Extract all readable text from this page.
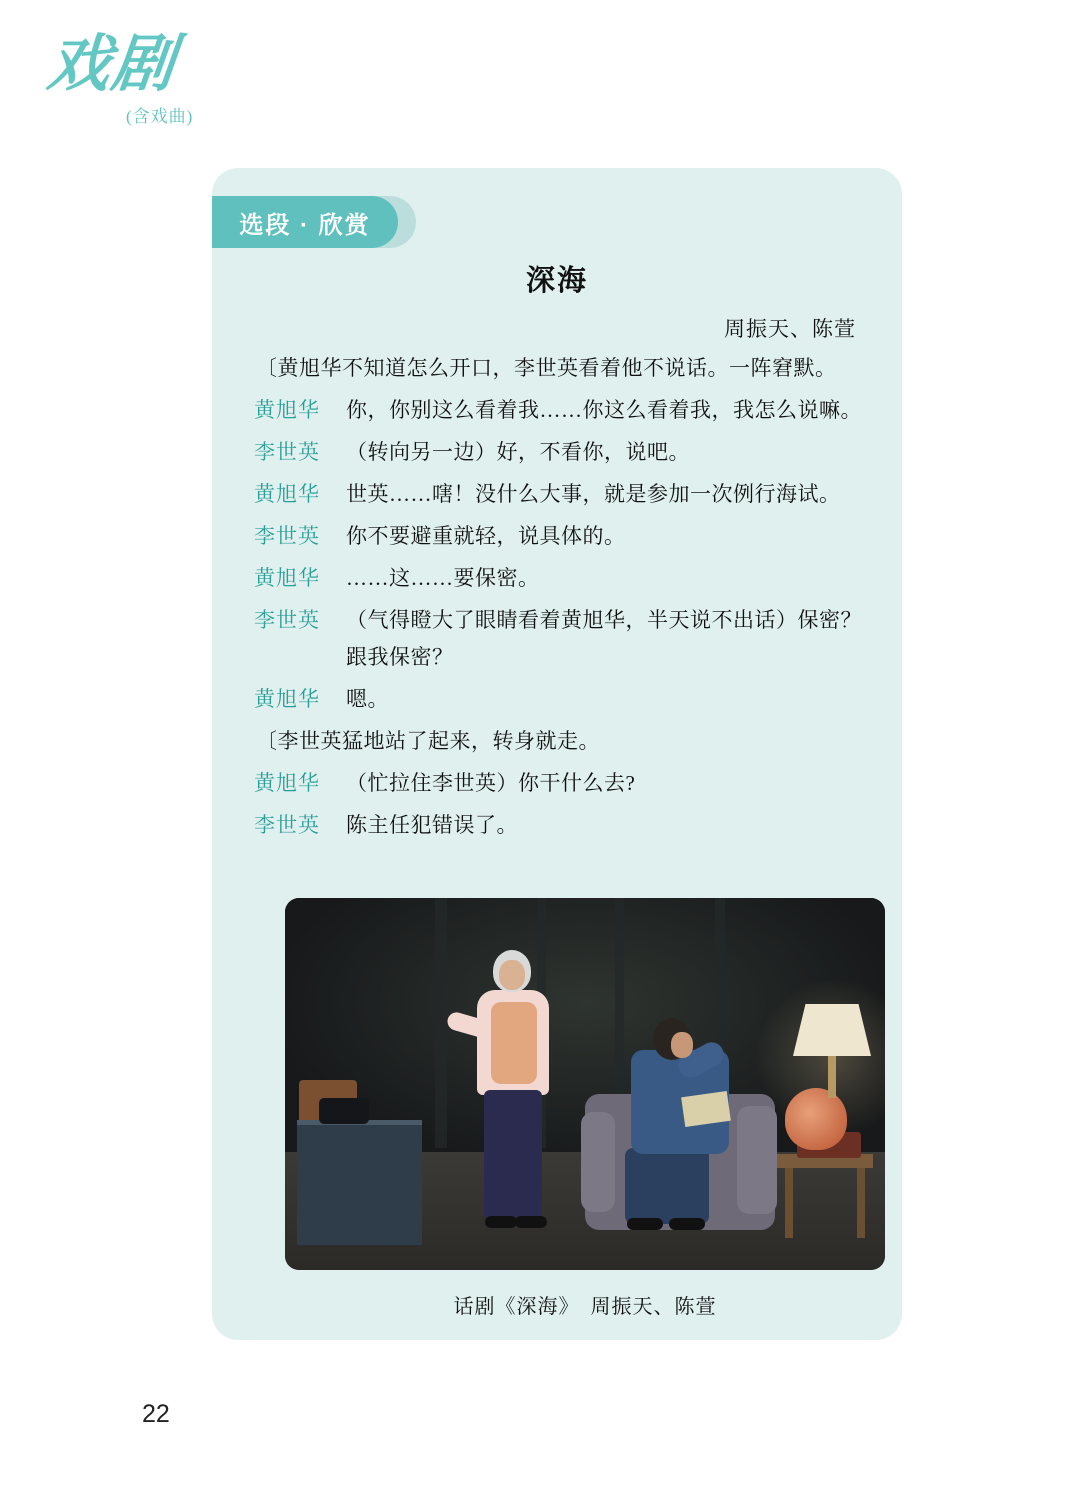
戏剧
(含戏曲)
选段 · 欣赏
深海
周振天、陈萱
〔黄旭华不知道怎么开口，李世英看着他不说话。一阵窘默。
黄旭华	你，你别这么看着我……你这么看着我，我怎么说嘛。
李世英	（转向另一边）好，不看你，说吧。
黄旭华	世英……嗐！没什么大事，就是参加一次例行海试。
李世英	你不要避重就轻，说具体的。
黄旭华	……这……要保密。
李世英	（气得瞪大了眼睛看着黄旭华，半天说不出话）保密？跟我保密？
黄旭华	嗯。
〔李世英猛地站了起来，转身就走。
黄旭华	（忙拉住李世英）你干什么去?
李世英	陈主任犯错误了。
话剧《深海》　周振天、陈萱
22
